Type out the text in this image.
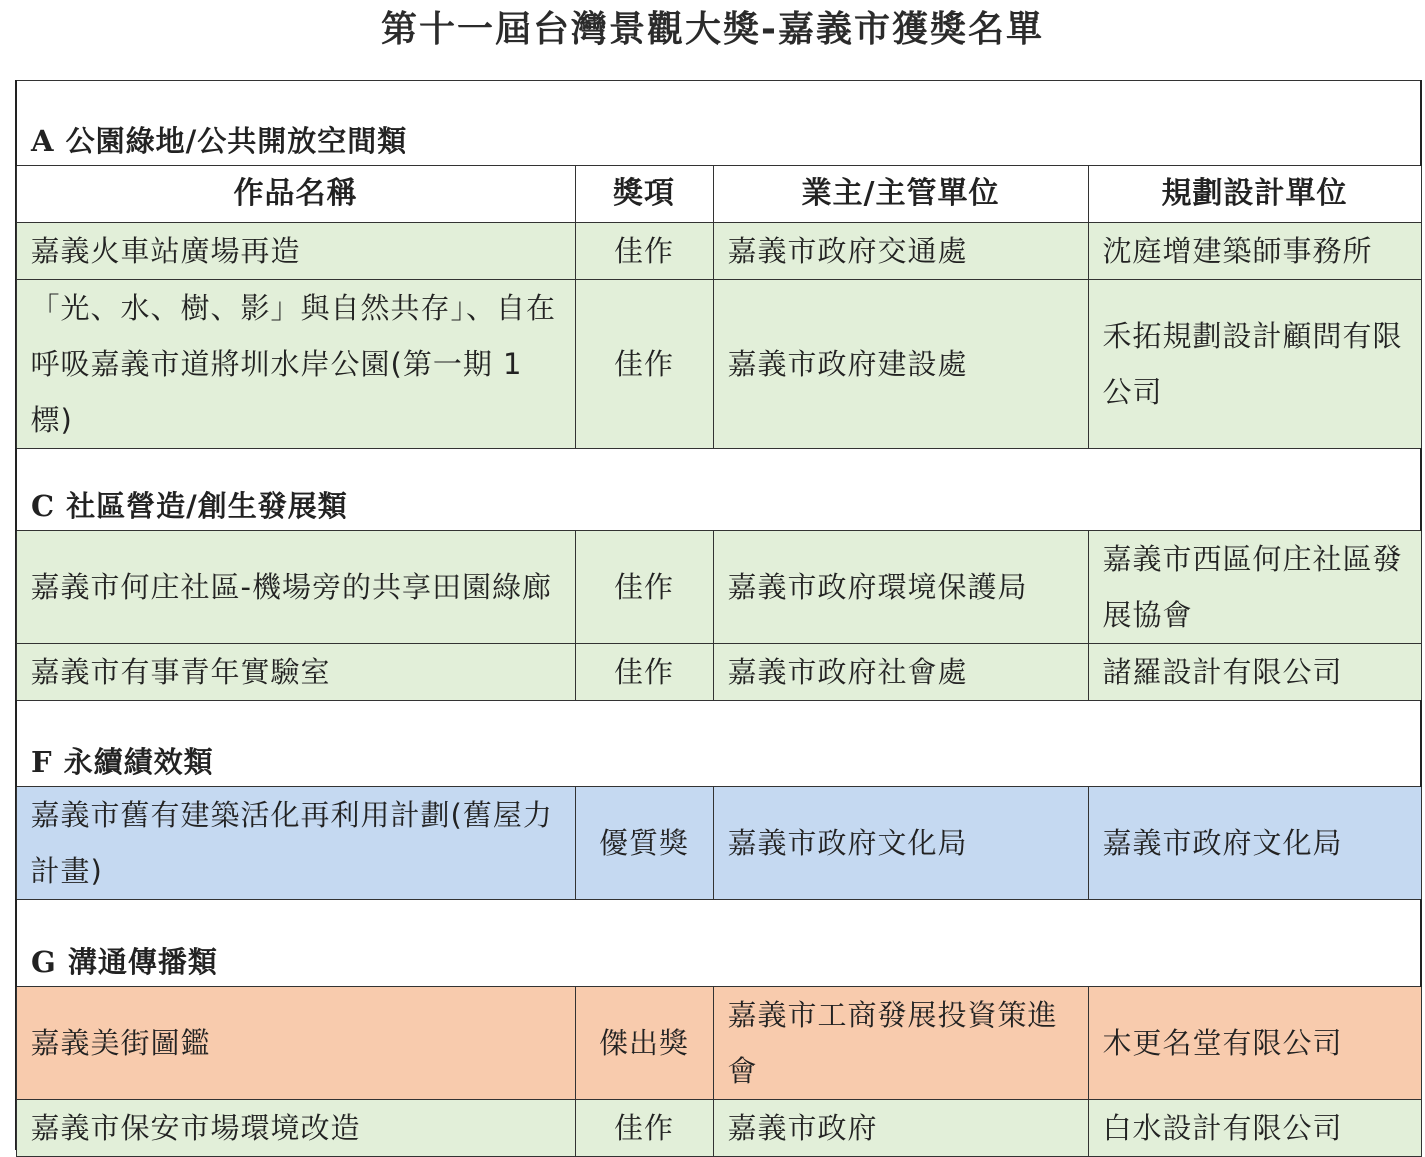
第十一屆台灣景觀大獎-嘉義市獲獎名單
A 公園綠地/公共開放空間類			
作品名稱	獎項	業主/主管單位	規劃設計單位
嘉義火車站廣場再造	佳作	嘉義市政府交通處	沈庭增建築師事務所
「光、水、樹、影」與自然共存」、自在呼吸嘉義市道將圳水岸公園(第一期 1 標)	佳作	嘉義市政府建設處	禾拓規劃設計顧問有限公司
C 社區營造/創生發展類			
嘉義市何庄社區-機場旁的共享田園綠廊	佳作	嘉義市政府環境保護局	嘉義市西區何庄社區發展協會
嘉義市有事青年實驗室	佳作	嘉義市政府社會處	諸羅設計有限公司
F 永續績效類			
嘉義市舊有建築活化再利用計劃(舊屋力計畫)	優質獎	嘉義市政府文化局	嘉義市政府文化局
G 溝通傳播類			
嘉義美街圖鑑	傑出獎	嘉義市工商發展投資策進會	木更名堂有限公司
嘉義市保安市場環境改造	佳作	嘉義市政府	白水設計有限公司
